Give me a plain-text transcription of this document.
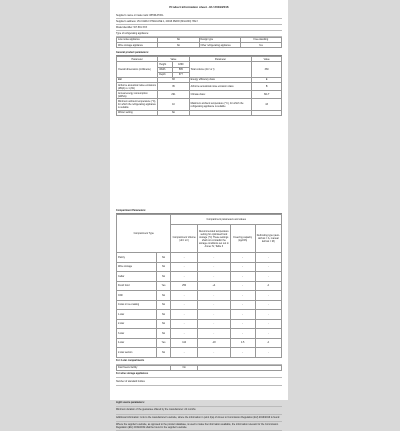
Product information sheet - EU 2019/2016
Supplier's name or trade mark: WHIRLPOOL
Supplier's address: VIA CARLO PISACANE 1, 20016 PERO (MILANO) ITALY
Model identifier: W7 891 XXX
Type of refrigerating appliance:
Low-noise appliance	No	Design type	Free-standing
Wine storage appliance	No	Other refrigerating appliance	Yes
General product parameters:
Parameter	Value		Parameter	Value
Overall dimensions (millimetre)	Height	1890	Total volume (dm³ or l)	360
	Width	595		
	Depth	677		
EEI	83		Energy efficiency class	E
Airborne acoustical noise emissions (dB(A) re 1 pW)	35		Airborne acoustical noise emission class	B
Annual energy consumption (kWh/a)	291		Climate class:	SN-T
Minimum ambient temperature (°C), for which the refrigerating appliance is suitable	10		Maximum ambient temperature (°C), for which the refrigerating appliance is suitable	43
Winter setting	No			
Compartment Parameters:
Compartment Type		Compartment parameters and values			
		Compartment Volume (dm³ or l)	Recommended temperature setting for optimised food storage (°C) These settings shall not contradict the storage conditions set out in Annex IV, Table 3	Freezing capacity (kg/24h)	Defrosting type (auto-defrost = A, manual defrost = M)
Pantry	No	-	-	-	-
Wine storage	No	-	-	-	-
Cellar	No	-	-	-	-
Fresh food	Yes	250	+4	-	A
Chill	No	-	-	-	-
0-star or ice-making	No	-	-	-	-
1-star	No	-	-	-	-
2-star	No	-	-	-	-
3-star	No	-	-	-	-
4-star	Yes	110	-18	4.5	A
2-star section	No	-	-	-	-
For 4-star compartments
Fast freeze facility	No	
For wine storage appliances
Number of standard bottles
Light source parameters:
Minimum duration of the guarantee offered by the manufacturer: 24 months
Additional information: Link to the manufacturer's website, where the information in point 4(a) of Annex to Commission Regulation (EU) 2019/2019 is found:
Where the supplier's website, as opposed to the product database, is used to make the information available, the information relevant for the Commission Regulation (EU) 2019/2019 shall be found in the supplier's website.
